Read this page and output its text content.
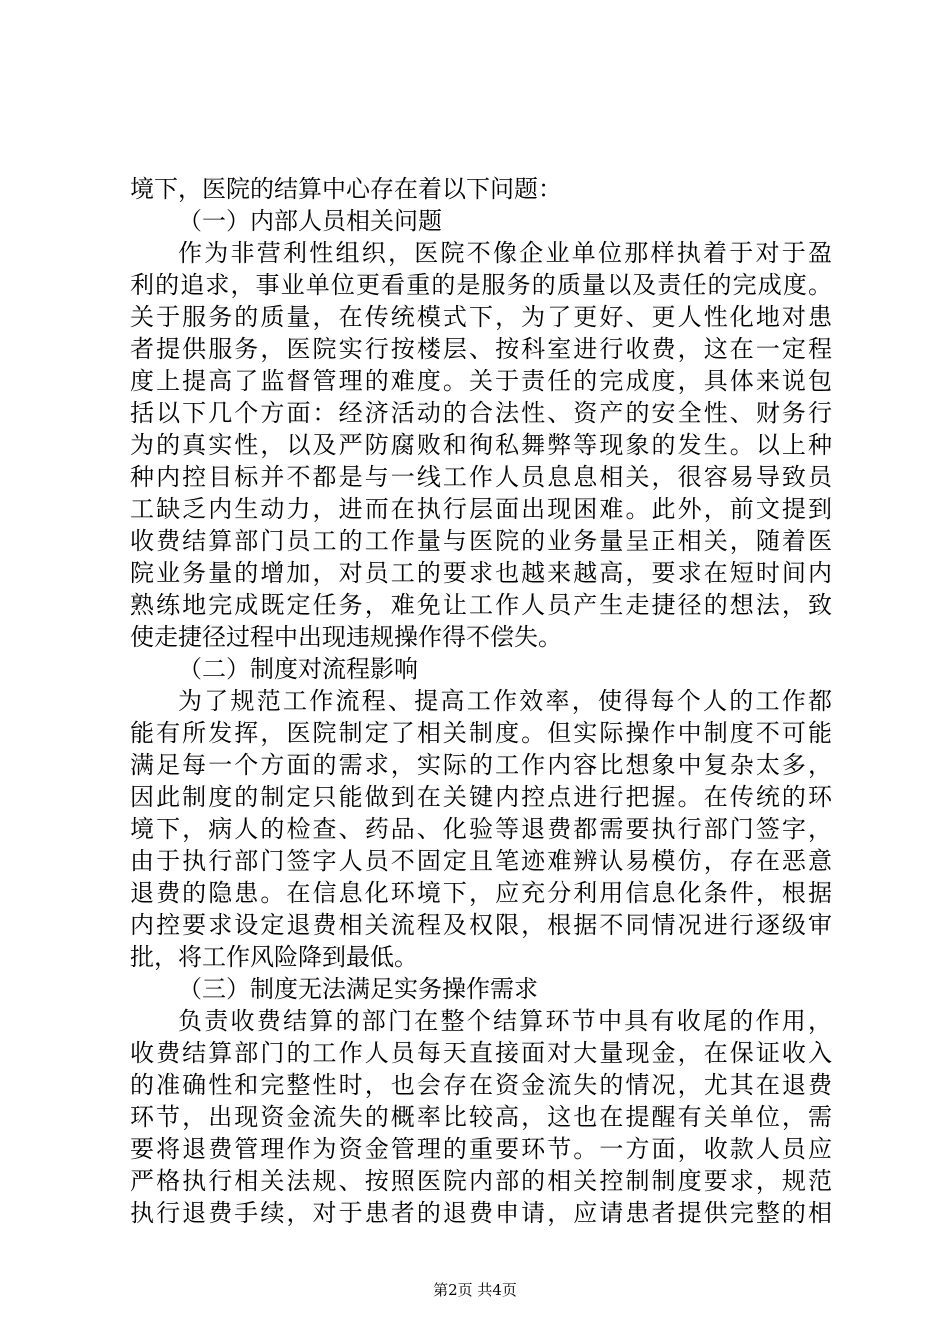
境下，医院的结算中心存在着以下问题：
（一）内部人员相关问题
作为非营利性组织，医院不像企业单位那样执着于对于盈
利的追求，事业单位更看重的是服务的质量以及责任的完成度。
关于服务的质量，在传统模式下，为了更好、更人性化地对患
者提供服务，医院实行按楼层、按科室进行收费，这在一定程
度上提高了监督管理的难度。关于责任的完成度，具体来说包
括以下几个方面：经济活动的合法性、资产的安全性、财务行
为的真实性，以及严防腐败和徇私舞弊等现象的发生。以上种
种内控目标并不都是与一线工作人员息息相关，很容易导致员
工缺乏内生动力，进而在执行层面出现困难。此外，前文提到
收费结算部门员工的工作量与医院的业务量呈正相关，随着医
院业务量的增加，对员工的要求也越来越高，要求在短时间内
熟练地完成既定任务，难免让工作人员产生走捷径的想法，致
使走捷径过程中出现违规操作得不偿失。
（二）制度对流程影响
为了规范工作流程、提高工作效率，使得每个人的工作都
能有所发挥，医院制定了相关制度。但实际操作中制度不可能
满足每一个方面的需求，实际的工作内容比想象中复杂太多，
因此制度的制定只能做到在关键内控点进行把握。在传统的环
境下，病人的检查、药品、化验等退费都需要执行部门签字，
由于执行部门签字人员不固定且笔迹难辨认易模仿，存在恶意
退费的隐患。在信息化环境下，应充分利用信息化条件，根据
内控要求设定退费相关流程及权限，根据不同情况进行逐级审
批，将工作风险降到最低。
（三）制度无法满足实务操作需求
负责收费结算的部门在整个结算环节中具有收尾的作用，
收费结算部门的工作人员每天直接面对大量现金，在保证收入
的准确性和完整性时，也会存在资金流失的情况，尤其在退费
环节，出现资金流失的概率比较高，这也在提醒有关单位，需
要将退费管理作为资金管理的重要环节。一方面，收款人员应
严格执行相关法规、按照医院内部的相关控制制度要求，规范
执行退费手续，对于患者的退费申请，应请患者提供完整的相
第2页 共4页
